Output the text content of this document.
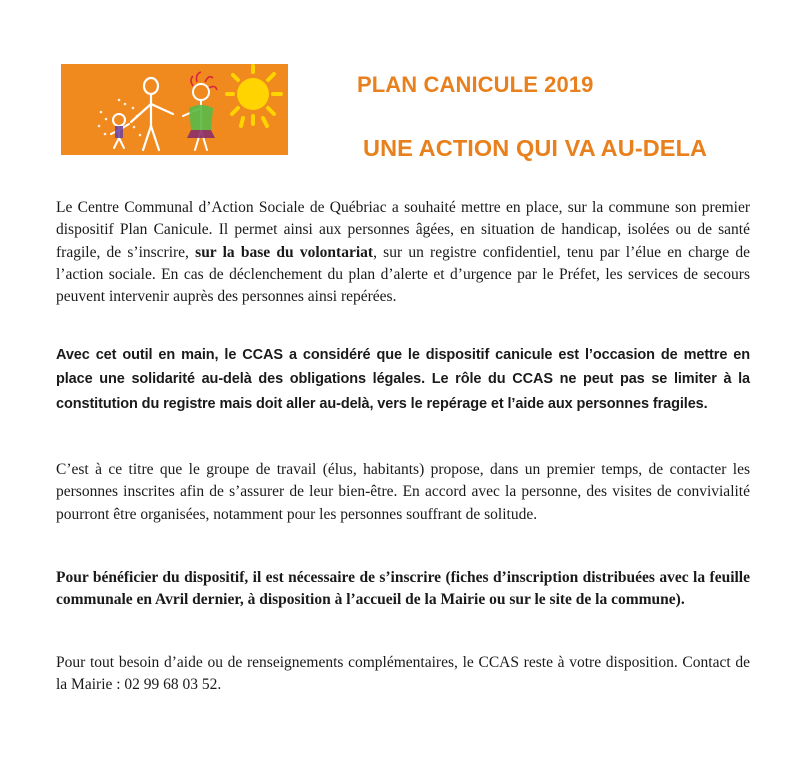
PLAN CANICULE 2019
UNE ACTION QUI VA AU-DELA

Le Centre Communal d’Action Sociale de Québriac a souhaité mettre en place, sur la commune son premier dispositif Plan Canicule. Il permet ainsi aux personnes âgées, en situation de handicap, isolées ou de santé fragile, de s’inscrire, sur la base du volontariat, sur un registre confidentiel, tenu par l’élue en charge de l’action sociale. En cas de déclenchement du plan d’alerte et d’urgence par le Préfet, les services de secours peuvent intervenir auprès des personnes ainsi repérées.

Avec cet outil en main, le CCAS a considéré que le dispositif canicule est l’occasion de mettre en place une solidarité au-delà des obligations légales. Le rôle du CCAS ne peut pas se limiter à la constitution du registre mais doit aller au-delà, vers le repérage et l’aide aux personnes fragiles.

C’est à ce titre que le groupe de travail (élus, habitants) propose, dans un premier temps, de contacter les personnes inscrites afin de s’assurer de leur bien-être. En accord avec la personne, des visites de convivialité pourront être organisées, notamment pour les personnes souffrant de solitude.

Pour bénéficier du dispositif, il est nécessaire de s’inscrire (fiches d’inscription distribuées avec la feuille communale en Avril dernier, à disposition à l’accueil de la Mairie ou sur le site de la commune).

Pour tout besoin d’aide ou de renseignements complémentaires, le CCAS reste à votre disposition. Contact de la Mairie : 02 99 68 03 52.
